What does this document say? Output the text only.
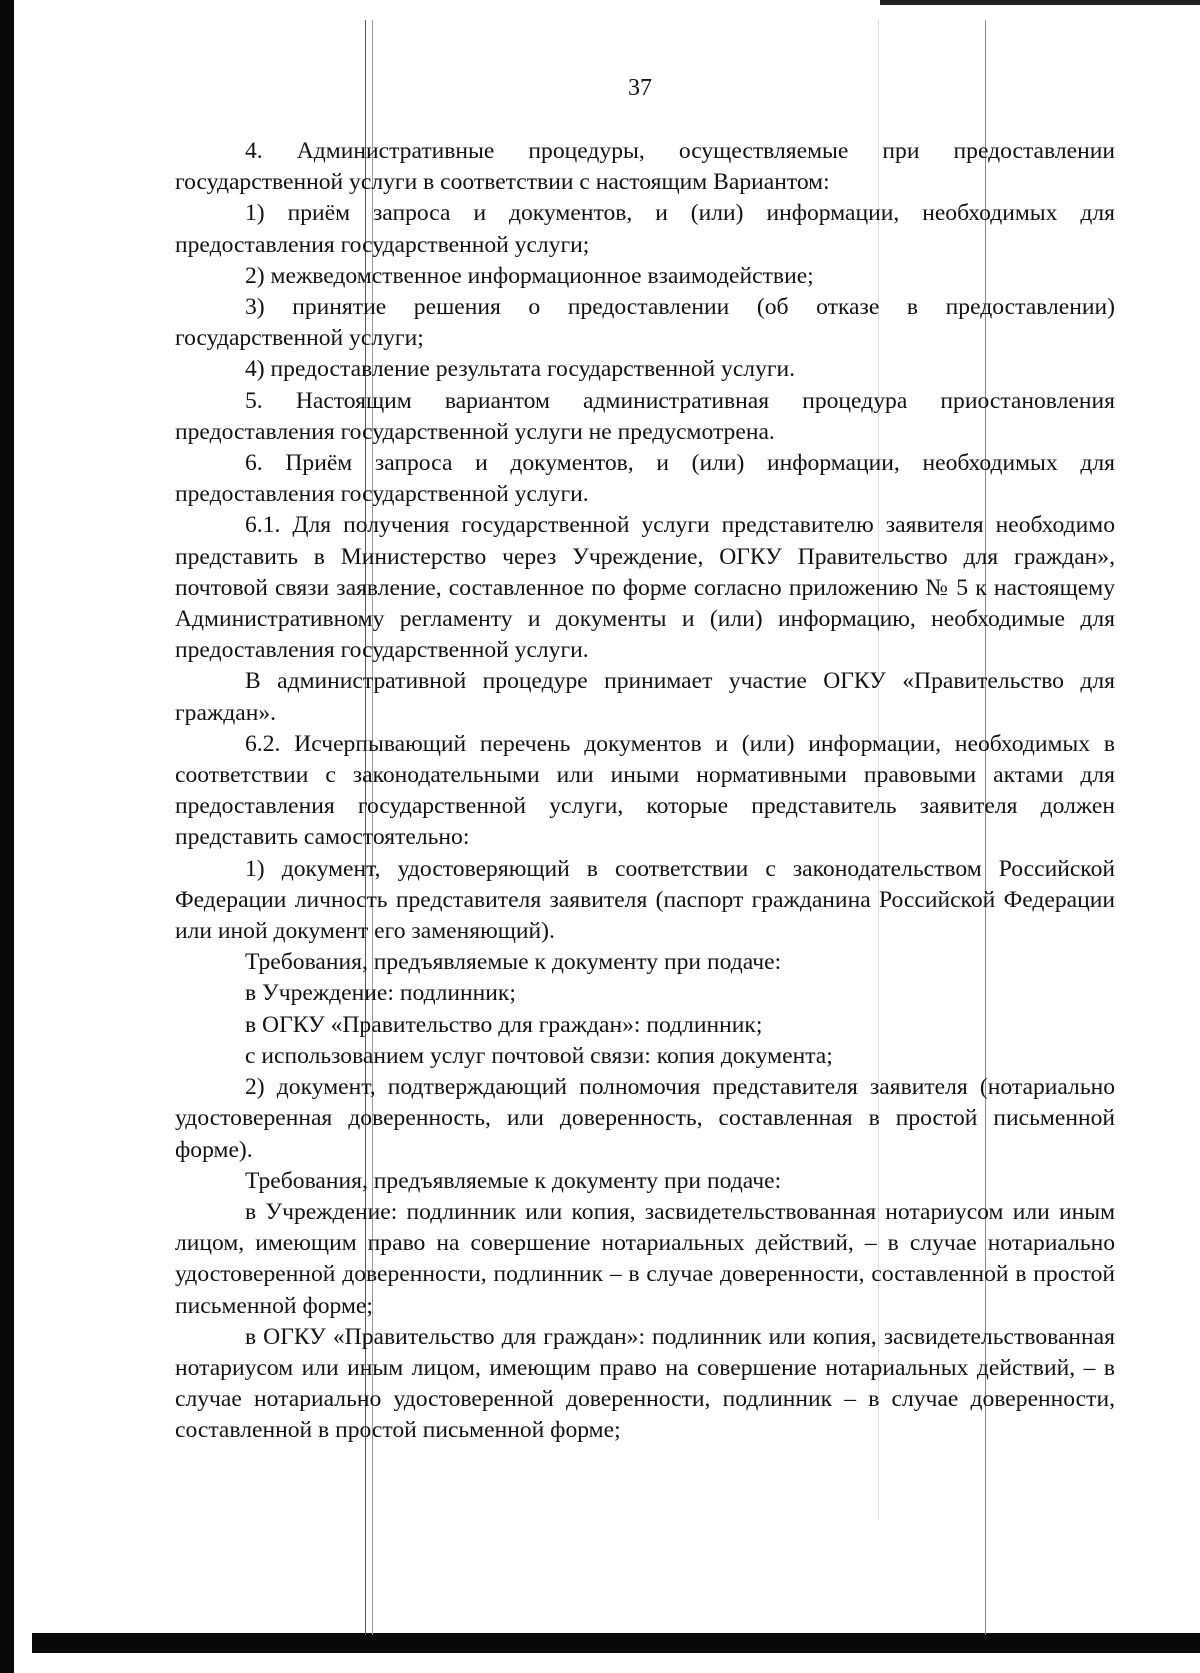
37

4. Административные процедуры, осуществляемые при предоставлении государственной услуги в соответствии с настоящим Вариантом:

1) приём запроса и документов, и (или) информации, необходимых для предоставления государственной услуги;

2) межведомственное информационное взаимодействие;

3) принятие решения о предоставлении (об отказе в предоставлении) государственной услуги;

4) предоставление результата государственной услуги.

5. Настоящим вариантом административная процедура приостановления предоставления государственной услуги не предусмотрена.

6. Приём запроса и документов, и (или) информации, необходимых для предоставления государственной услуги.

6.1. Для получения государственной услуги представителю заявителя необходимо представить в Министерство через Учреждение, ОГКУ Правительство для граждан», почтовой связи заявление, составленное по форме согласно приложению № 5 к настоящему Административному регламенту и документы и (или) информацию, необходимые для предоставления государственной услуги.

В административной процедуре принимает участие ОГКУ «Правительство для граждан».

6.2. Исчерпывающий перечень документов и (или) информации, необходимых в соответствии с законодательными или иными нормативными правовыми актами для предоставления государственной услуги, которые представитель заявителя должен представить самостоятельно:

1) документ, удостоверяющий в соответствии с законодательством Российской Федерации личность представителя заявителя (паспорт гражданина Российской Федерации или иной документ его заменяющий).

Требования, предъявляемые к документу при подаче:

в Учреждение: подлинник;

в ОГКУ «Правительство для граждан»: подлинник;

с использованием услуг почтовой связи: копия документа;

2) документ, подтверждающий полномочия представителя заявителя (нотариально удостоверенная доверенность, или доверенность, составленная в простой письменной форме).

Требования, предъявляемые к документу при подаче:

в Учреждение: подлинник или копия, засвидетельствованная нотариусом или иным лицом, имеющим право на совершение нотариальных действий, – в случае нотариально удостоверенной доверенности, подлинник – в случае доверенности, составленной в простой письменной форме;

в ОГКУ «Правительство для граждан»: подлинник или копия, засвидетельствованная нотариусом или иным лицом, имеющим право на совершение нотариальных действий, – в случае нотариально удостоверенной доверенности, подлинник – в случае доверенности, составленной в простой письменной форме;
